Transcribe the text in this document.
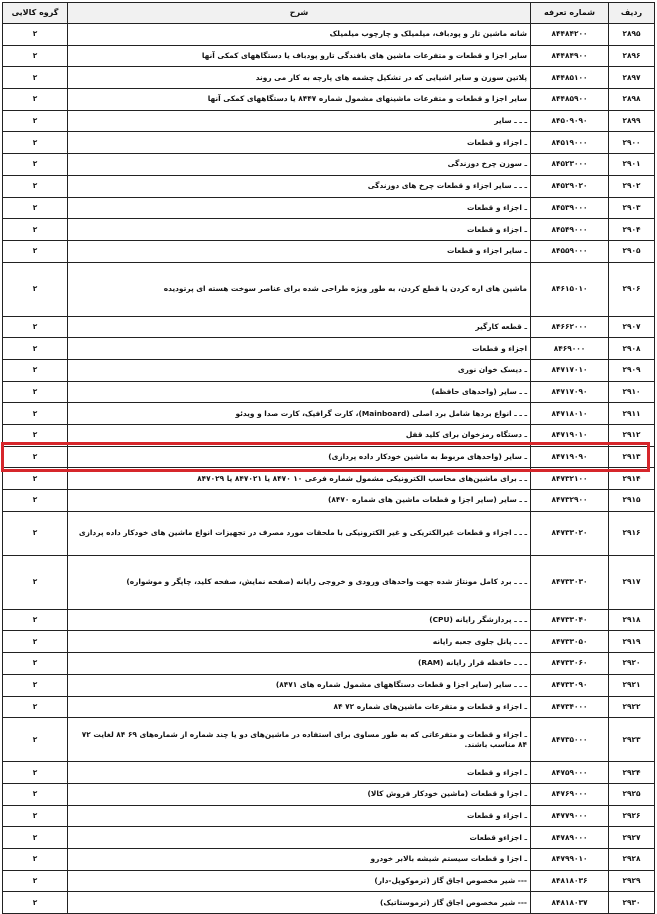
ردیف	شماره تعرفه	شرح	گروه کالایی
۲۸۹۵	۸۴۴۸۴۲۰۰	شانه ماشین تار و پودباف، میلمیلک و چارچوب میلمیلک	۲
۲۸۹۶	۸۴۴۸۴۹۰۰	سایر اجزا و قطعات و متفرعات ماشین های بافندگی تارو پودباف یا دستگاههای کمکی آنها	۲
۲۸۹۷	۸۴۴۸۵۱۰۰	پلاتین سوزن و سایر اشیایی که در تشکیل چشمه های پارچه به کار می روند	۲
۲۸۹۸	۸۴۴۸۵۹۰۰	سایر اجزا و قطعات و متفرعات ماشینهای مشمول شماره ۸۴۴۷ یا دستگاههای کمکی آنها	۲
۲۸۹۹	۸۴۵۰۹۰۹۰	ـ ـ ـ سایر	۲
۲۹۰۰	۸۴۵۱۹۰۰۰	ـ اجزاء و قطعات	۲
۲۹۰۱	۸۴۵۲۳۰۰۰	ـ سوزن چرخ دوزندگی	۲
۲۹۰۲	۸۴۵۲۹۰۲۰	ـ ـ ـ سایر اجزاء و قطعات چرخ های دوزندگی	۲
۲۹۰۳	۸۴۵۳۹۰۰۰	ـ اجزاء و قطعات	۲
۲۹۰۴	۸۴۵۴۹۰۰۰	ـ اجزاء و قطعات	۲
۲۹۰۵	۸۴۵۵۹۰۰۰	ـ سایر اجزاء و قطعات	۲
۲۹۰۶	۸۴۶۱۵۰۱۰	ماشین های اره کردن یا قطع کردن، به طور ویژه طراحی شده برای عناصر سوخت هسته ای پرتودیده	۲
۲۹۰۷	۸۴۶۶۲۰۰۰	ـ قطعه کارگیر	۲
۲۹۰۸	۸۴۶۹۰۰۰	اجزاء و قطعات	۲
۲۹۰۹	۸۴۷۱۷۰۱۰	ـ دیسک خوان نوری	۲
۲۹۱۰	۸۴۷۱۷۰۹۰	ـ ـ سایر (واحدهای حافظه)	۲
۲۹۱۱	۸۴۷۱۸۰۱۰	ـ ـ ـ انواع بردها شامل برد اصلی (Mainboard)، کارت گرافیک، کارت صدا و ویدئو	۲
۲۹۱۲	۸۴۷۱۹۰۱۰	ـ دستگاه رمزخوان برای کلید قفل	۲
۲۹۱۳	۸۴۷۱۹۰۹۰	ـ سایر (واحدهای مربوط به ماشین خودکار داده پردازی)	۲
۲۹۱۴	۸۴۷۳۲۱۰۰	ـ ـ برای ماشین‌های محاسب الکترونیکی مشمول شماره فرعی ۱۰ ۸۴۷۰ یا ۸۴۷۰۲۱ یا ۸۴۷۰۲۹	۲
۲۹۱۵	۸۴۷۳۲۹۰۰	ـ ـ سایر (سایر اجزا و قطعات ماشین های شماره ۸۴۷۰)	۲
۲۹۱۶	۸۴۷۳۳۰۲۰	ـ ـ ـ اجزاء و قطعات غیرالکتریکی و غیر الکترونیکی با ملحقات مورد مصرف در تجهیزات انواع ماشین های خودکار داده پردازی	۲
۲۹۱۷	۸۴۷۳۳۰۳۰	ـ ـ ـ برد کامل مونتاژ شده جهت واحدهای ورودی و خروجی رایانه (صفحه نمایش، صفحه کلید، چاپگر و موشواره)	۲
۲۹۱۸	۸۴۷۳۳۰۴۰	ـ ـ ـ پردازشگر رایانه (CPU)	۲
۲۹۱۹	۸۴۷۳۳۰۵۰	ـ ـ ـ پانل جلوی جعبه رایانه	۲
۲۹۲۰	۸۴۷۳۳۰۶۰	ـ ـ ـ حافظه قرار رایانه (RAM)	۲
۲۹۲۱	۸۴۷۳۳۰۹۰	ـ ـ ـ سایر (سایر اجزا و قطعات دستگاههای مشمول شماره های ۸۴۷۱)	۲
۲۹۲۲	۸۴۷۳۴۰۰۰	ـ اجزاء و قطعات و متفرعات ماشین‌های شماره ۷۲ ۸۴	۲
۲۹۲۳	۸۴۷۳۵۰۰۰	ـ اجزاء و قطعات و متفرعاتی که به طور مساوی برای استفاده در ماشین‌های دو یا چند شماره از شماره‌های ۶۹ ۸۴ لغایت ۷۲ ۸۴ مناسب باشند.	۲
۲۹۲۴	۸۴۷۵۹۰۰۰	ـ اجزاء و قطعات	۲
۲۹۲۵	۸۴۷۶۹۰۰۰	ـ اجزا و قطعات (ماشین خودکار فروش کالا)	۲
۲۹۲۶	۸۴۷۷۹۰۰۰	ـ اجزاء و قطعات	۲
۲۹۲۷	۸۴۷۸۹۰۰۰	ـ اجزاءو قطعات	۲
۲۹۲۸	۸۴۷۹۹۰۱۰	ـ اجزا و قطعات سیستم شیشه بالابر خودرو	۲
۲۹۲۹	۸۴۸۱۸۰۳۶	--- شیر مخصوص اجاق گاز (ترموکوپل-دار)	۲
۲۹۳۰	۸۴۸۱۸۰۳۷	--- شیر مخصوص اجاق گاز (ترموستاتیک)	۲
